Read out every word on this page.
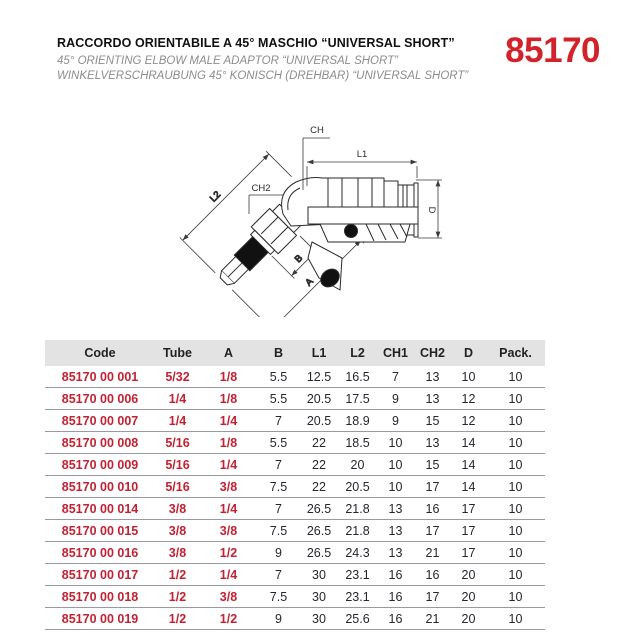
RACCORDO ORIENTABILE A 45° MASCHIO “UNIVERSAL SHORT”

45° ORIENTING ELBOW MALE ADAPTOR “UNIVERSAL SHORT”

WINKELVERSCHRAUBUNG 45° KONISCH (DREHBAR) “UNIVERSAL SHORT”

85170
L2
B
A
CH
CH2
L1
D
Code	Tube	A	B	L1	L2	CH1	CH2	D	Pack.
85170 00 001	5/32	1/8	5.5	12.5	16.5	7	13	10	10
85170 00 006	1/4	1/8	5.5	20.5	17.5	9	13	12	10
85170 00 007	1/4	1/4	7	20.5	18.9	9	15	12	10
85170 00 008	5/16	1/8	5.5	22	18.5	10	13	14	10
85170 00 009	5/16	1/4	7	22	20	10	15	14	10
85170 00 010	5/16	3/8	7.5	22	20.5	10	17	14	10
85170 00 014	3/8	1/4	7	26.5	21.8	13	16	17	10
85170 00 015	3/8	3/8	7.5	26.5	21.8	13	17	17	10
85170 00 016	3/8	1/2	9	26.5	24.3	13	21	17	10
85170 00 017	1/2	1/4	7	30	23.1	16	16	20	10
85170 00 018	1/2	3/8	7.5	30	23.1	16	17	20	10
85170 00 019	1/2	1/2	9	30	25.6	16	21	20	10
